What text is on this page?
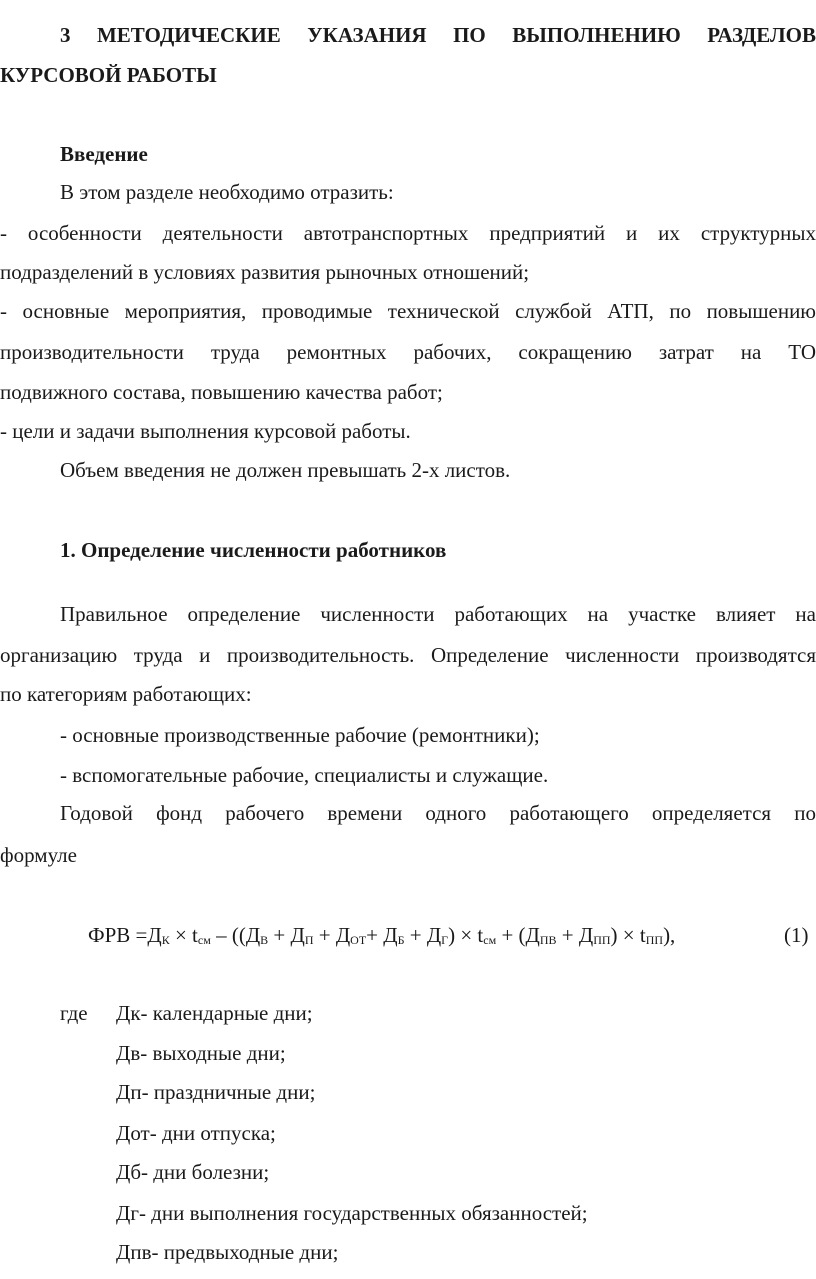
3 МЕТОДИЧЕСКИЕ УКАЗАНИЯ ПО ВЫПОЛНЕНИЮ РАЗДЕЛОВ
КУРСОВОЙ РАБОТЫ
Введение
В этом разделе необходимо отразить:
- особенности деятельности автотранспортных предприятий и их структурных
подразделений в условиях развития рыночных отношений;
- основные мероприятия, проводимые технической службой АТП, по повышению
производительности труда ремонтных рабочих, сокращению затрат на ТО
подвижного состава, повышению качества работ;
- цели и задачи выполнения курсовой работы.
Объем введения не должен превышать 2-х листов.
1. Определение численности работников
Правильное определение численности работающих на участке влияет на
организацию труда и производительность. Определение численности производятся
по категориям работающих:
- основные производственные рабочие (ремонтники);
- вспомогательные рабочие, специалисты и служащие.
Годовой фонд рабочего времени одного работающего определяется по
формуле
ФРВ $=Д_К \times t_{см} - ((Д_В + Д_П + Д_{ОТ}+ Д_Б + Д_Г) \times t_{см} + (Д_{ПВ} + Д_{ПП}) \times t_{ПП})$,	(1)
где Дк- календарные дни;
Дв- выходные дни;
Дп- праздничные дни;
Дот- дни отпуска;
Дб- дни болезни;
Дг- дни выполнения государственных обязанностей;
Дпв- предвыходные дни;
